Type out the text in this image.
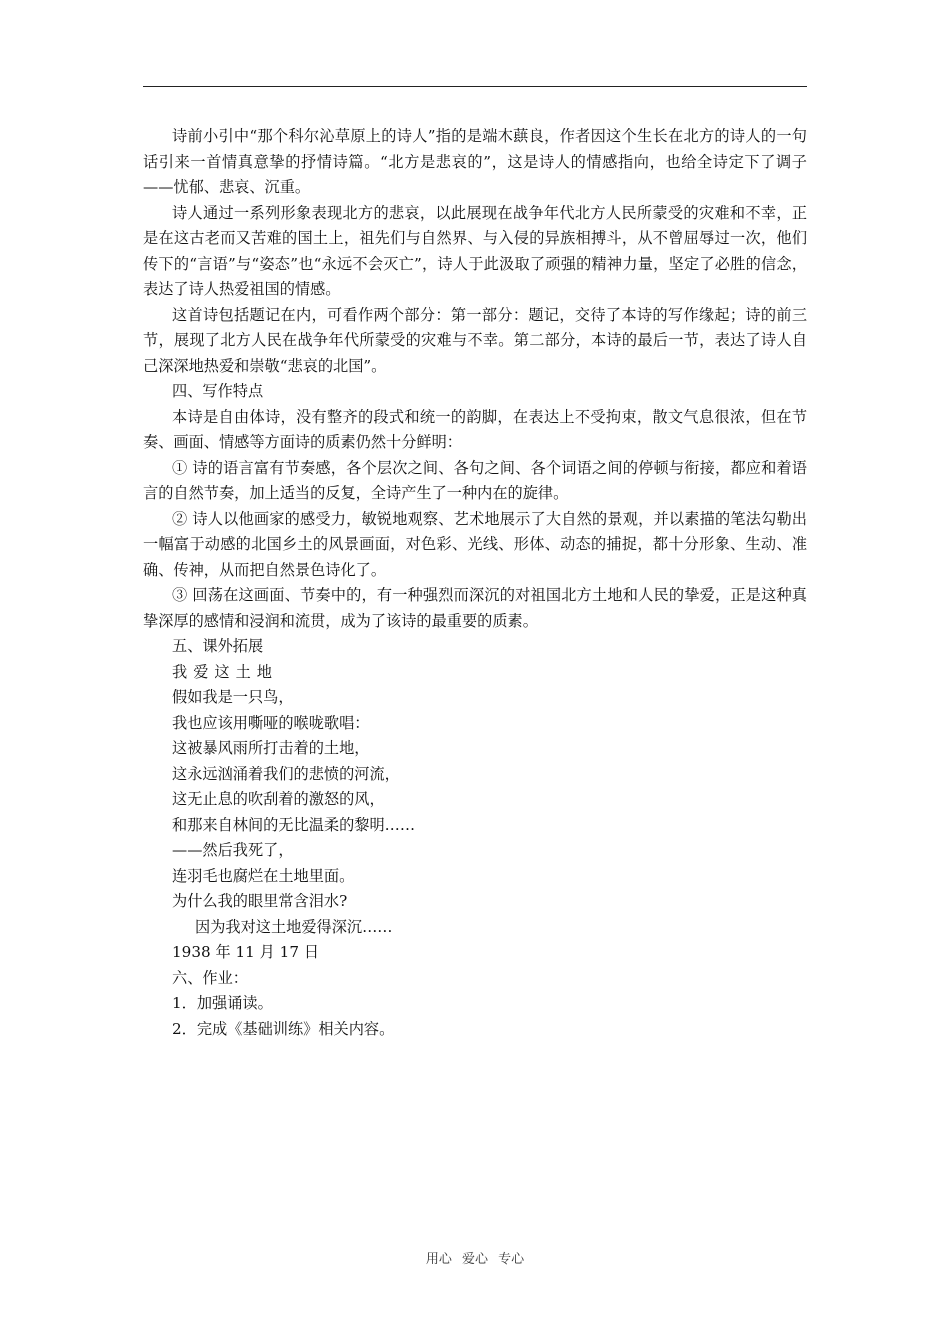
诗前小引中“那个科尔沁草原上的诗人”指的是端木蕻良，作者因这个生长在北方的诗人的一句话引来一首情真意挚的抒情诗篇。“北方是悲哀的”，这是诗人的情感指向，也给全诗定下了调子——忧郁、悲哀、沉重。

诗人通过一系列形象表现北方的悲哀，以此展现在战争年代北方人民所蒙受的灾难和不幸，正是在这古老而又苦难的国土上，祖先们与自然界、与入侵的异族相搏斗，从不曾屈辱过一次，他们传下的“言语”与“姿态”也“永远不会灭亡”，诗人于此汲取了顽强的精神力量，坚定了必胜的信念，表达了诗人热爱祖国的情感。

这首诗包括题记在内，可看作两个部分：第一部分：题记，交待了本诗的写作缘起；诗的前三节，展现了北方人民在战争年代所蒙受的灾难与不幸。第二部分，本诗的最后一节，表达了诗人自己深深地热爱和崇敬“悲哀的北国”。

四、写作特点

本诗是自由体诗，没有整齐的段式和统一的韵脚，在表达上不受拘束，散文气息很浓，但在节奏、画面、情感等方面诗的质素仍然十分鲜明：

① 诗的语言富有节奏感，各个层次之间、各句之间、各个词语之间的停顿与衔接，都应和着语言的自然节奏，加上适当的反复，全诗产生了一种内在的旋律。

② 诗人以他画家的感受力，敏锐地观察、艺术地展示了大自然的景观，并以素描的笔法勾勒出一幅富于动感的北国乡土的风景画面，对色彩、光线、形体、动态的捕捉，都十分形象、生动、准确、传神，从而把自然景色诗化了。

③ 回荡在这画面、节奏中的，有一种强烈而深沉的对祖国北方土地和人民的挚爱，正是这种真挚深厚的感情和浸润和流贯，成为了该诗的最重要的质素。

五、课外拓展

我爱这土地

假如我是一只鸟，

我也应该用嘶哑的喉咙歌唱：

这被暴风雨所打击着的土地，

这永远汹涌着我们的悲愤的河流，

这无止息的吹刮着的激怒的风，

和那来自林间的无比温柔的黎明……

——然后我死了，

连羽毛也腐烂在土地里面。

为什么我的眼里常含泪水?

因为我对这土地爱得深沉……

1938 年 11 月 17 日

六、作业：

1．加强诵读。

2．完成《基础训练》相关内容。

用心 爱心 专心
